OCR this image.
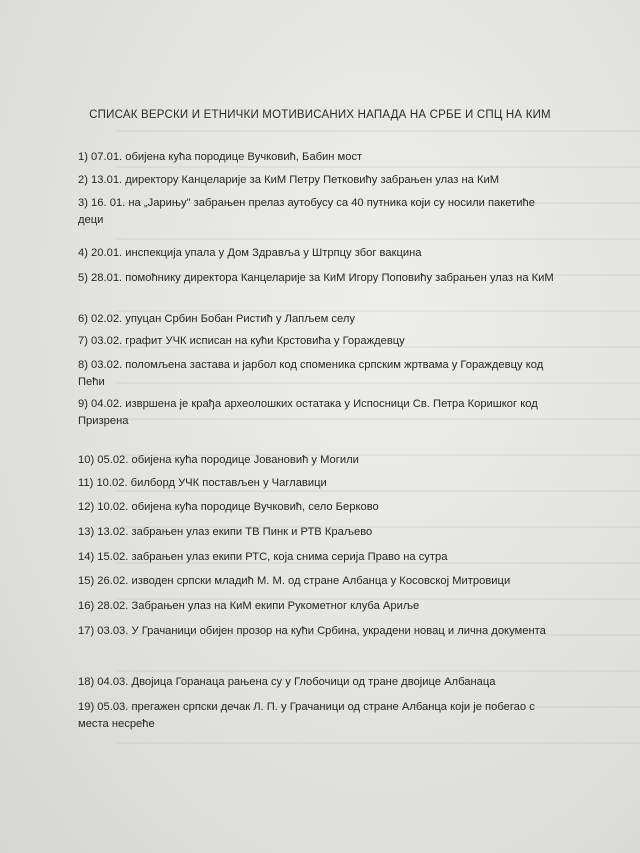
СПИСАК ВЕРСКИ И ЕТНИЧКИ МОТИВИСАНИХ НАПАДА НА СРБЕ И СПЦ НА КИМ
1) 07.01. обијена кућа породице Вучковић, Бабин мост
2) 13.01. директору Канцеларије за КиМ Петру Петковићу забрањен улаз на КиМ
3) 16. 01. на „Јарињу" забрањен прелаз аутобусу са 40 путника који су носили пакетиће деци
4) 20.01. инспекција упала у Дом Здравља у Штрпцу због вакцина
5) 28.01. помоћнику директора Канцеларије за КиМ Игору Поповићу забрањен улаз на КиМ
6) 02.02. упуцан Србин Бобан Ристић у Лапљем селу
7) 03.02. графит УЧК исписан на кући Крстовића у Гораждевцу
8) 03.02. поломљена застава и јарбол код споменика српским жртвама у Гораждевцу код Пећи
9) 04.02. извршена је крађа археолошких остатака у Испосници Св. Петра Коришког код Призрена
10) 05.02. обијена кућа породице Јовановић у Могили
11) 10.02. билборд УЧК постављен у Чаглавици
12) 10.02. обијена кућа породице Вучковић, село Берково
13) 13.02. забрањен улаз екипи ТВ Пинк и РТВ Краљево
14) 15.02. забрањен улаз екипи РТС, која снима серија Право на сутра
15) 26.02. изводен српски младић М. М. од стране Албанца у Косовској Митровици
16) 28.02. Забрањен улаз на КиМ екипи Рукометног клуба Ариље
17) 03.03. У Грачаници обијен прозор на кући Србина, украдени новац и лична документа
18) 04.03. Двојица Горанаца рањена су у Глобочици од тране двојице Албанаца
19) 05.03. прегажен српски дечак Л. П. у Грачаници од стране Албанца који је побегао с места несреће
